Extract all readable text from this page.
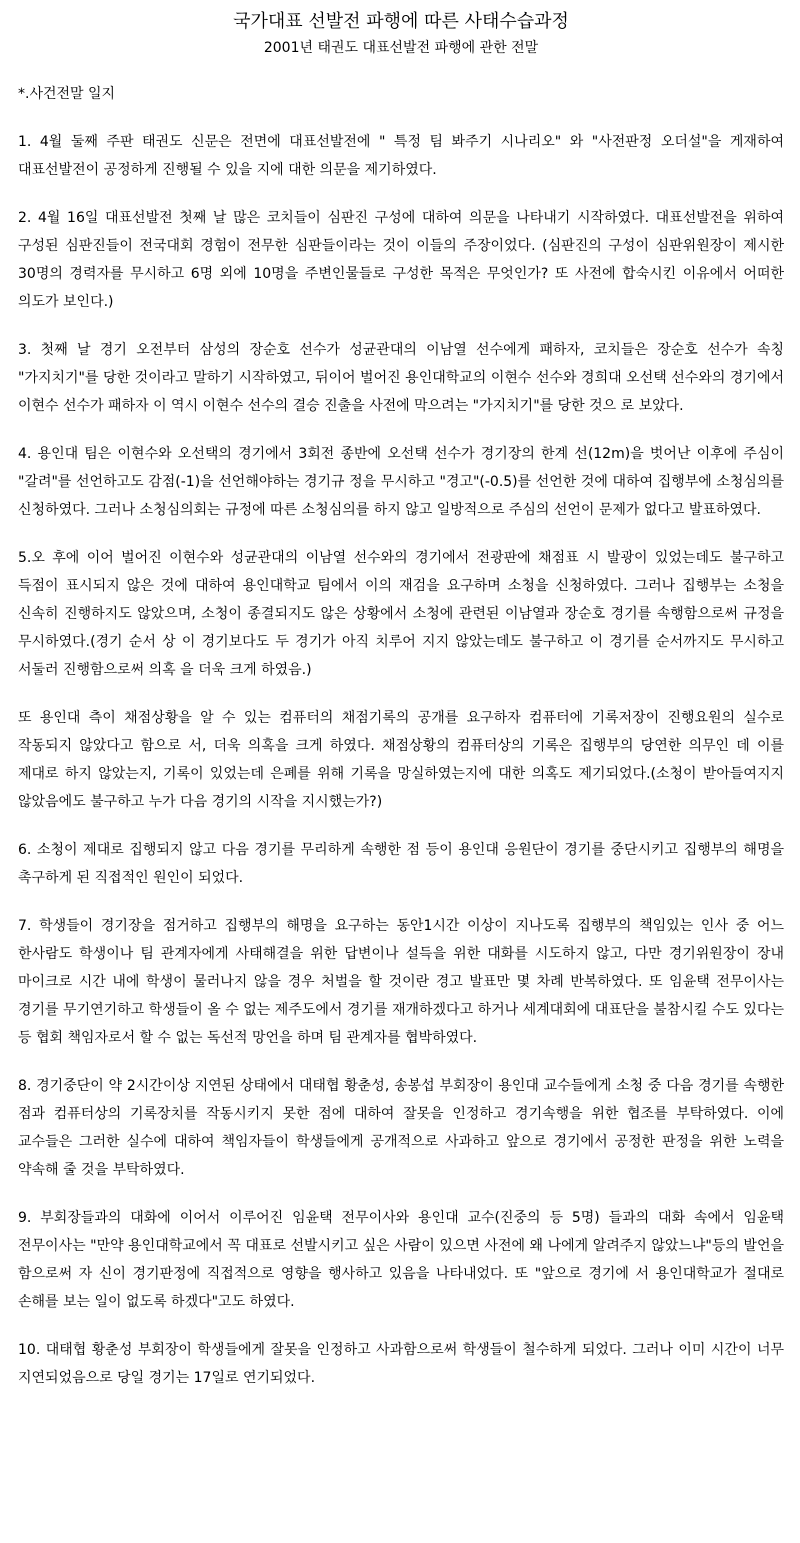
국가대표 선발전 파행에 따른 사태수습과정
2001년 태권도 대표선발전 파행에 관한 전말
*.사건전말 일지

1. 4월 둘째 주판 태권도 신문은 전면에 대표선발전에 " 특정 팀 봐주기 시나리오" 와 "사전판정 오더설"을 게재하여 대표선발전이 공정하게 진행될 수 있을 지에 대한 의문을 제기하였다.

2. 4월 16일 대표선발전 첫째 날 많은 코치들이 심판진 구성에 대하여 의문을 나타내기 시작하였다. 대표선발전을 위하여 구성된 심판진들이 전국대회 경험이 전무한 심판들이라는 것이 이들의 주장이었다. (심판진의 구성이 심판위원장이 제시한 30명의 경력자를 무시하고 6명 외에 10명을 주변인물들로 구성한 목적은 무엇인가? 또 사전에 합숙시킨 이유에서 어떠한 의도가 보인다.)

3. 첫째 날 경기 오전부터 삼성의 장순호 선수가 성균관대의 이남열 선수에게 패하자, 코치들은 장순호 선수가 속칭 "가지치기"를 당한 것이라고 말하기 시작하였고, 뒤이어 벌어진 용인대학교의 이현수 선수와 경희대 오선택 선수와의 경기에서 이현수 선수가 패하자 이 역시 이현수 선수의 결승 진출을 사전에 막으려는 "가지치기"를 당한 것으 로 보았다.

4. 용인대 팀은 이현수와 오선택의 경기에서 3회전 종반에 오선택 선수가 경기장의 한계 선(12m)을 벗어난 이후에 주심이 "갈려"를 선언하고도 감점(-1)을 선언해야하는 경기규 정을 무시하고 "경고"(-0.5)를 선언한 것에 대하여 집행부에 소청심의를 신청하였다. 그러나 소청심의회는 규정에 따른 소청심의를 하지 않고 일방적으로 주심의 선언이 문제가 없다고 발표하였다.

5.오 후에 이어 벌어진 이현수와 성균관대의 이남열 선수와의 경기에서 전광판에 채점표 시 발광이 있었는데도 불구하고 득점이 표시되지 않은 것에 대하여 용인대학교 팀에서 이의 재검을 요구하며 소청을 신청하였다. 그러나 집행부는 소청을 신속히 진행하지도 않았으며, 소청이 종결되지도 않은 상황에서 소청에 관련된 이남열과 장순호 경기를 속행함으로써 규정을 무시하였다.(경기 순서 상 이 경기보다도 두 경기가 아직 치루어 지지 않았는데도 불구하고 이 경기를 순서까지도 무시하고 서둘러 진행함으로써 의혹 을 더욱 크게 하였음.)

또 용인대 측이 채점상황을 알 수 있는 컴퓨터의 채점기록의 공개를 요구하자 컴퓨터에 기록저장이 진행요원의 실수로 작동되지 않았다고 함으로 서, 더욱 의혹을 크게 하였다. 채점상황의 컴퓨터상의 기록은 집행부의 당연한 의무인 데 이를 제대로 하지 않았는지, 기록이 있었는데 은폐를 위해 기록을 망실하였는지에 대한 의혹도 제기되었다.(소청이 받아들여지지 않았음에도 불구하고 누가 다음 경기의 시작을 지시했는가?)

6. 소청이 제대로 집행되지 않고 다음 경기를 무리하게 속행한 점 등이 용인대 응원단이 경기를 중단시키고 집행부의 해명을 촉구하게 된 직접적인 원인이 되었다.

7. 학생들이 경기장을 점거하고 집행부의 해명을 요구하는 동안1시간 이상이 지나도록 집행부의 책임있는 인사 중 어느 한사람도 학생이나 팀 관계자에게 사태해결을 위한 답변이나 설득을 위한 대화를 시도하지 않고, 다만 경기위원장이 장내 마이크로 시간 내에 학생이 물러나지 않을 경우 처벌을 할 것이란 경고 발표만 몇 차례 반복하였다. 또 임윤택 전무이사는 경기를 무기연기하고 학생들이 올 수 없는 제주도에서 경기를 재개하겠다고 하거나 세계대회에 대표단을 불참시킬 수도 있다는 등 협회 책임자로서 할 수 없는 독선적 망언을 하며 팀 관계자를 협박하였다.

8. 경기중단이 약 2시간이상 지연된 상태에서 대태협 황춘성, 송봉섭 부회장이 용인대 교수들에게 소청 중 다음 경기를 속행한 점과 컴퓨터상의 기록장치를 작동시키지 못한 점에 대하여 잘못을 인정하고 경기속행을 위한 협조를 부탁하였다. 이에 교수들은 그러한 실수에 대하여 책임자들이 학생들에게 공개적으로 사과하고 앞으로 경기에서 공정한 판정을 위한 노력을 약속해 줄 것을 부탁하였다.

9. 부회장들과의 대화에 이어서 이루어진 임윤택 전무이사와 용인대 교수(진중의 등 5명) 들과의 대화 속에서 임윤택 전무이사는 "만약 용인대학교에서 꼭 대표로 선발시키고 싶은 사람이 있으면 사전에 왜 나에게 알려주지 않았느냐"등의 발언을 함으로써 자 신이 경기판정에 직접적으로 영향을 행사하고 있음을 나타내었다. 또 "앞으로 경기에 서 용인대학교가 절대로 손해를 보는 일이 없도록 하겠다"고도 하였다.

10. 대태협 황춘성 부회장이 학생들에게 잘못을 인정하고 사과함으로써 학생들이 철수하게 되었다. 그러나 이미 시간이 너무 지연되었음으로 당일 경기는 17일로 연기되었다.
